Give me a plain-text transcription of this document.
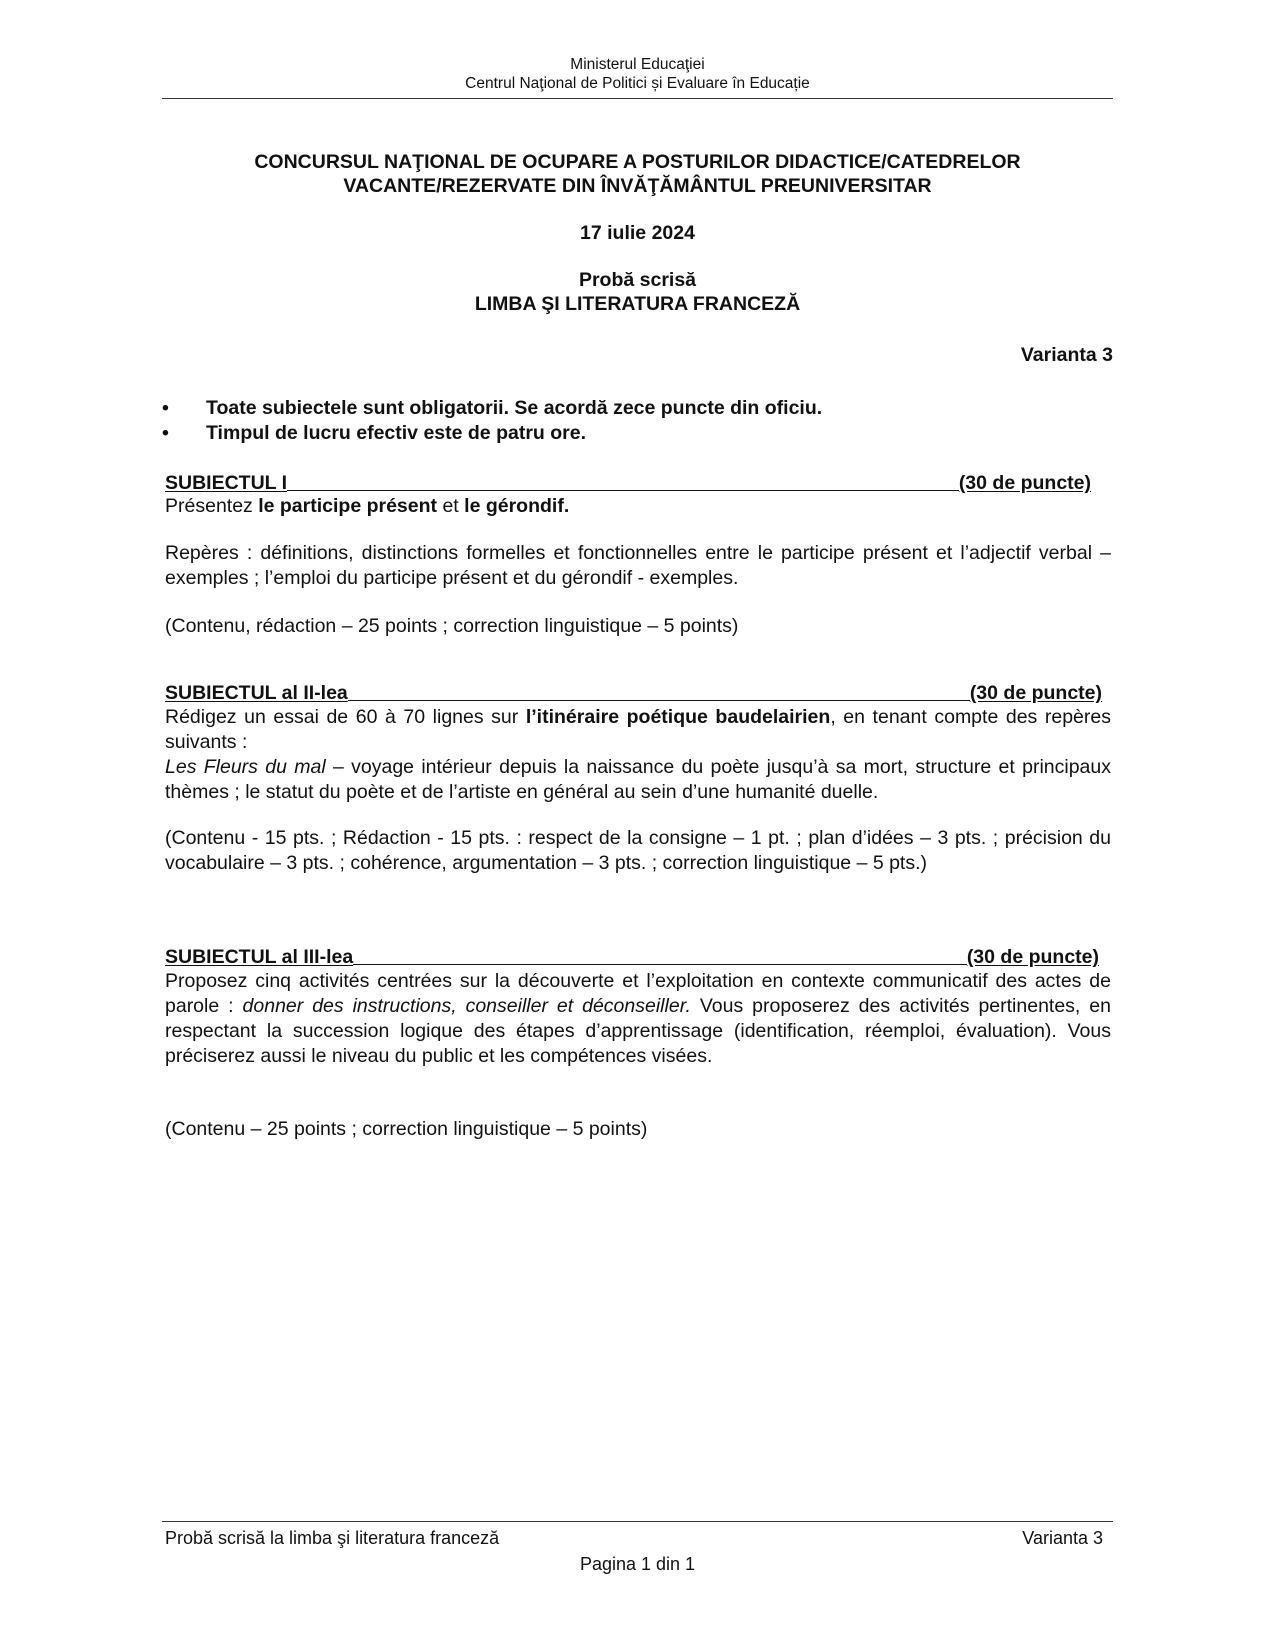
Ministerul Educaţiei
Centrul Naţional de Politici și Evaluare în Educație
CONCURSUL NAŢIONAL DE OCUPARE A POSTURILOR DIDACTICE/CATEDRELOR
VACANTE/REZERVATE DIN ÎNVĂŢĂMÂNTUL PREUNIVERSITAR
17 iulie 2024
Probă scrisă
LIMBA ŞI LITERATURA FRANCEZĂ
Varianta 3
•	Toate subiectele sunt obligatorii. Se acordă zece puncte din oficiu.
•	Timpul de lucru efectiv este de patru ore.
SUBIECTUL I	(30 de puncte)
Présentez le participe présent et le gérondif.
Repères : définitions, distinctions formelles et fonctionnelles entre le participe présent et l’adjectif verbal – exemples ; l’emploi du participe présent et du gérondif - exemples.
(Contenu, rédaction – 25 points ; correction linguistique – 5 points)
SUBIECTUL al II-lea	(30 de puncte)
Rédigez un essai de 60 à 70 lignes sur l’itinéraire poétique baudelairien, en tenant compte des repères suivants :
Les Fleurs du mal – voyage intérieur depuis la naissance du poète jusqu’à sa mort, structure et principaux thèmes ; le statut du poète et de l’artiste en général au sein d’une humanité duelle.
(Contenu - 15 pts. ; Rédaction - 15 pts. : respect de la consigne – 1 pt. ; plan d’idées – 3 pts. ; précision du vocabulaire – 3 pts. ; cohérence, argumentation – 3 pts. ; correction linguistique – 5 pts.)
SUBIECTUL al III-lea	(30 de puncte)
Proposez cinq activités centrées sur la découverte et l’exploitation en contexte communicatif des actes de parole : donner des instructions, conseiller et déconseiller. Vous proposerez des activités pertinentes, en respectant la succession logique des étapes d’apprentissage (identification, réemploi, évaluation). Vous préciserez aussi le niveau du public et les compétences visées.
(Contenu – 25 points ; correction linguistique – 5 points)
Probă scrisă la limba şi literatura franceză	Varianta 3
Pagina 1 din 1
